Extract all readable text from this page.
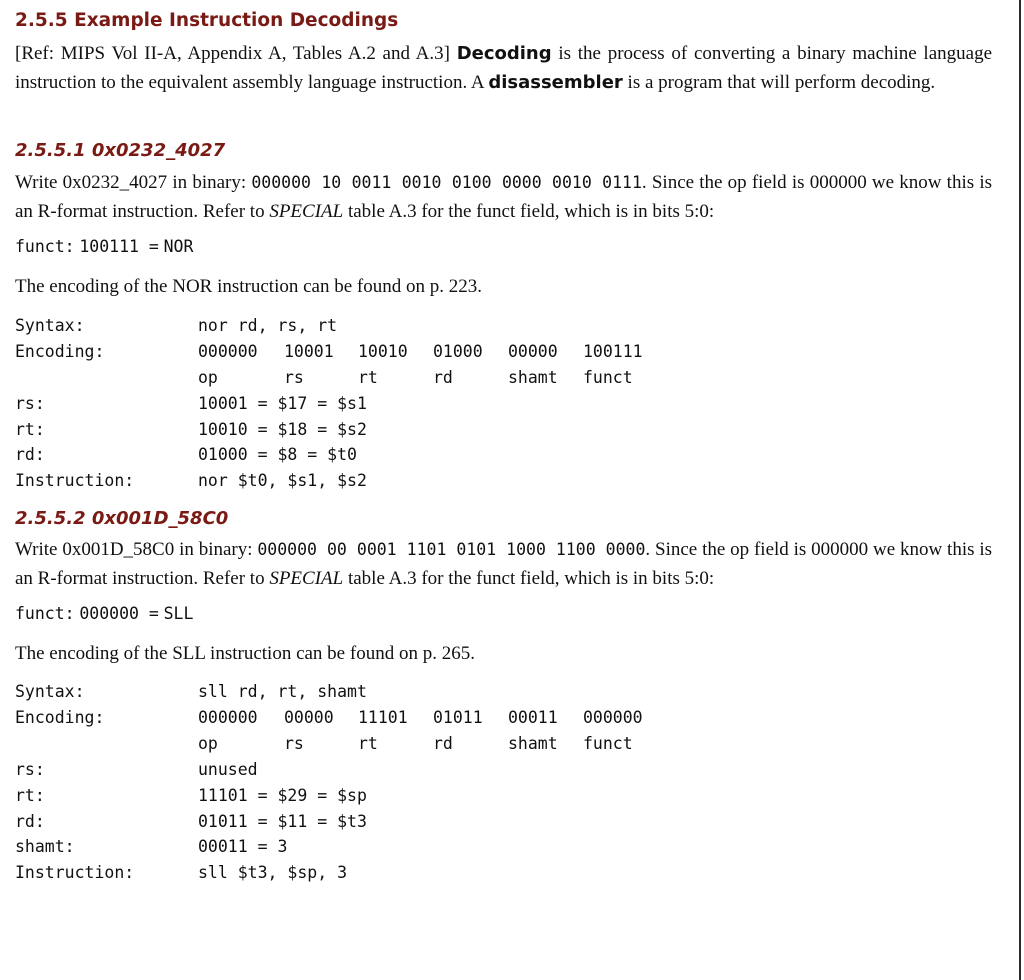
2.5.5 Example Instruction Decodings
[Ref: MIPS Vol II-A, Appendix A, Tables A.2 and A.3] Decoding is the process of converting a binary machine language instruction to the equivalent assembly language instruction. A disassembler is a program that will perform decoding.
2.5.5.1 0x0232_4027
Write 0x0232_4027 in binary: 000000 10 0011 0010 0100 0000 0010 0111. Since the op field is 000000 we know this is an R-format instruction. Refer to SPECIAL table A.3 for the funct field, which is in bits 5:0:
funct: 100111 = NOR
The encoding of the NOR instruction can be found on p. 223.
Syntax:	nor rd, rs, rt
Encoding:	000000 10001 10010 01000 00000 100111
op	rs	rt	rd	shamt funct
rs:	10001 = $17 = $s1
rt:	10010 = $18 = $s2
rd:	01000 = $8 = $t0
Instruction:	nor $t0, $s1, $s2
2.5.5.2 0x001D_58C0
Write 0x001D_58C0 in binary: 000000 00 0001 1101 0101 1000 1100 0000. Since the op field is 000000 we know this is an R-format instruction. Refer to SPECIAL table A.3 for the funct field, which is in bits 5:0:
funct: 000000 = SLL
The encoding of the SLL instruction can be found on p. 265.
Syntax:	sll rd, rt, shamt
Encoding:	000000 00000 11101 01011 00011 000000
op	rs	rt	rd	shamt funct
rs:	unused
rt:	11101 = $29 = $sp
rd:	01011 = $11 = $t3
shamt:	00011 = 3
Instruction:	sll $t3, $sp, 3
